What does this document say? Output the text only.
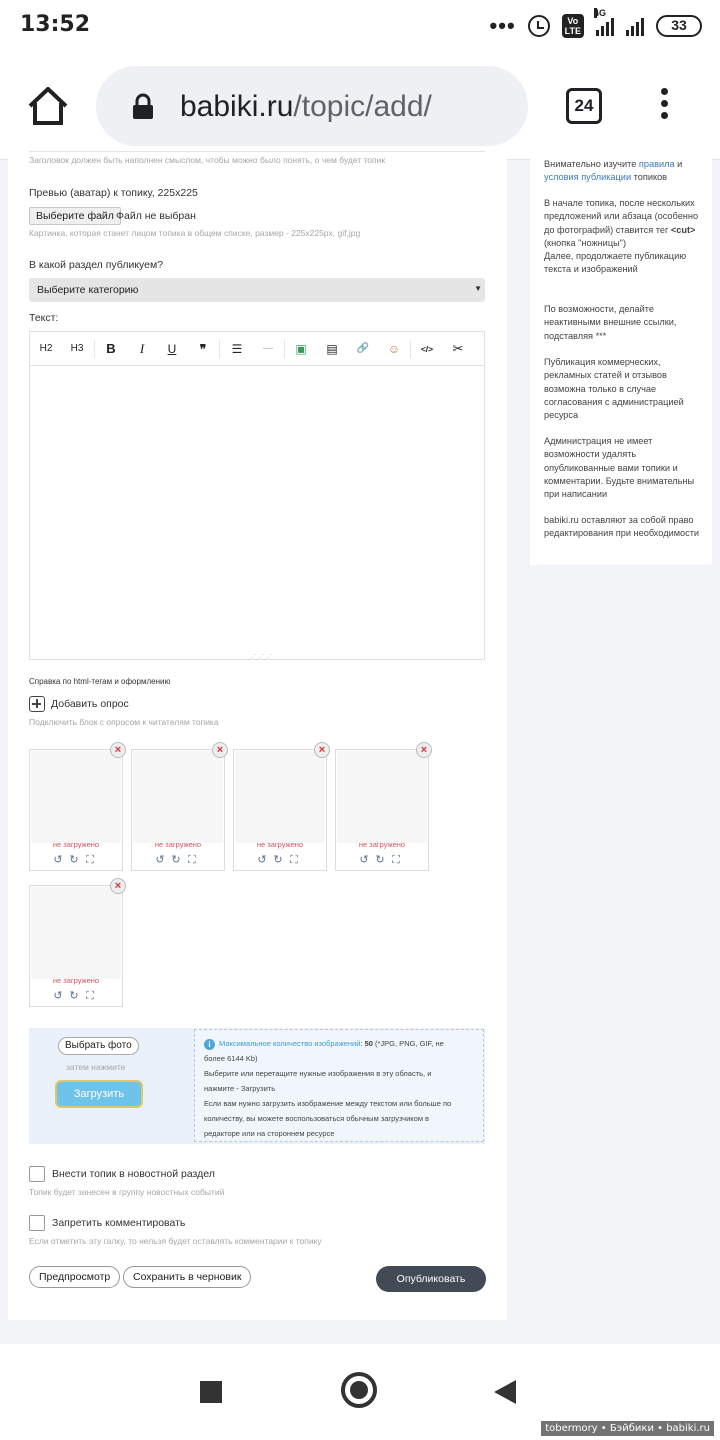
13:52	•••	Vo
LTE
4G
33
babiki.ru/topic/add/	24
Заголовок должен быть наполнен смыслом, чтобы можно было понять, о чем будет топик
Превью (аватар) к топику, 225х225
Выберите файл Файл не выбран
Картинка, которая станет лицом топика в общем списке, размер - 225x225px, gif,jpg
В какой раздел публикуем?
Выберите категорию	▼
Текст:
H2	H3	B	I	U	❞	☰	—	▣	▤	🔗	☺	</>	✂
⋰⋰⋰
Справка по html-тегам и оформлению
Добавить опрос
Подключить блок с опросом к читателям топика
не загружено
↺ ↻ ⛶
×
не загружено
↺ ↻ ⛶
×
не загружено
↺ ↻ ⛶
×
не загружено
↺ ↻ ⛶
×
не загружено
↺ ↻ ⛶
×
Выбрать фото
затем нажмите
Загрузить
i Максимальное количество изображений: 50 (*JPG, PNG, GIF, не
более 6144 Kb)
Выберите или перетащите нужные изображения в эту область, и
нажмите - Загрузить
Если вам нужно загрузить изображение между текстом или больше по
количеству, вы можете воспользоваться обычным загрузчиком в
редакторе или на стороннем ресурсе
Внести топик в новостной раздел
Топик будет занесен в группу новостных событий
Запретить комментировать
Если отметить эту галку, то нельзя будет оставлять комментарии к топику
Предпросмотр	Сохранить в черновик	Опубликовать
Внимательно изучите правила и условия публикации топиков
В начале топика, после нескольких предложений или абзаца (особенно до фотографий) ставится тег <cut> (кнопка "ножницы")
Далее, продолжаете публикацию текста и изображений
По возможности, делайте неактивными внешние ссылки, подставляя ***
Публикация коммерческих, рекламных статей и отзывов возможна только в случае согласования с администрацией ресурса
Администрация не имеет возможности удалять опубликованные вами топики и комментарии. Будьте внимательны при написании
babiki.ru оставляют за собой право редактирования при необходимости
tobermory • Бэйбики • babiki.ru
